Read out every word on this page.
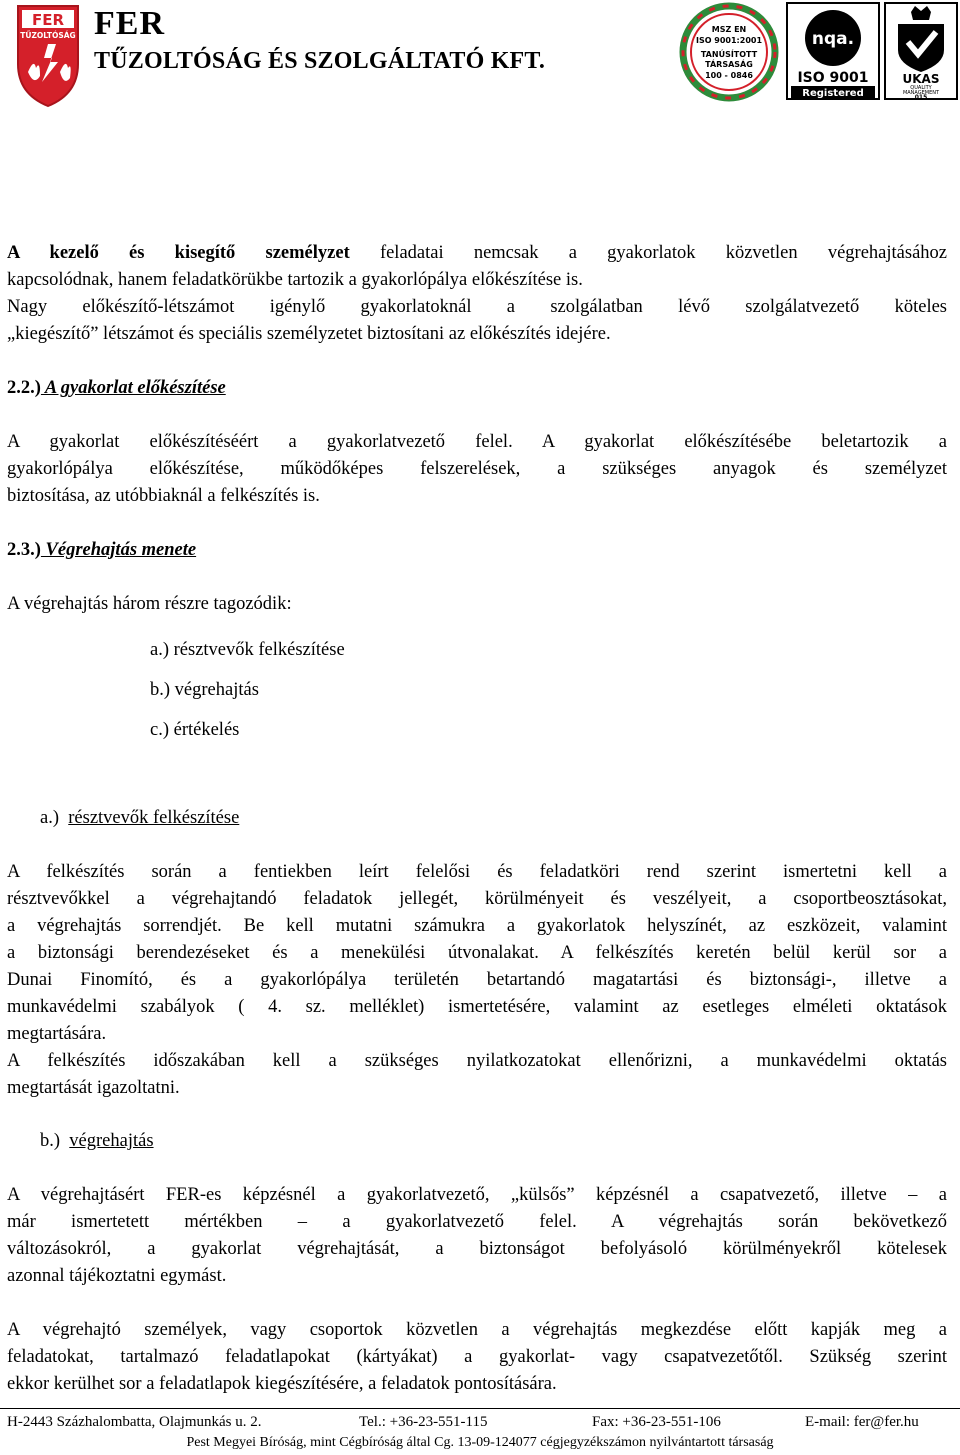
FER
TŰZOLTÓSÁG FER
TŰZOLTÓSÁG ÉS SZOLGÁLTATÓ KFT.
MSZ EN
ISO 9001:2001
TANÚSÍTOTT
TÁRSASÁG
100 - 0846
nqa.
ISO 9001
Registered
UKAS
QUALITY
MANAGEMENT
015
A kezelő és kisegítő személyzet feladatai nemcsak a gyakorlatok közvetlen végrehajtásához
kapcsolódnak, hanem feladatkörükbe tartozik a gyakorlópálya előkészítése is.
Nagy előkészítő-létszámot igénylő gyakorlatoknál a szolgálatban lévő szolgálatvezető köteles
„kiegészítő” létszámot és speciális személyzetet biztosítani az előkészítés idejére.
2.2.) A gyakorlat előkészítése
A gyakorlat előkészítéséért a gyakorlatvezető felel. A gyakorlat előkészítésébe beletartozik a
gyakorlópálya előkészítése, működőképes felszerelések, a szükséges anyagok és személyzet
biztosítása, az utóbbiaknál a felkészítés is.
2.3.) Végrehajtás menete
A végrehajtás három részre tagozódik:
a.) résztvevők felkészítése
b.) végrehajtás
c.) értékelés
a.) résztvevők felkészítése
A felkészítés során a fentiekben leírt felelősi és feladatköri rend szerint ismertetni kell a
résztvevőkkel a végrehajtandó feladatok jellegét, körülményeit és veszélyeit, a csoportbeosztásokat,
a végrehajtás sorrendjét. Be kell mutatni számukra a gyakorlatok helyszínét, az eszközeit, valamint
a biztonsági berendezéseket és a menekülési útvonalakat. A felkészítés keretén belül kerül sor a
Dunai Finomító, és a gyakorlópálya területén betartandó magatartási és biztonsági-, illetve a
munkavédelmi szabályok ( 4. sz. melléklet) ismertetésére, valamint az esetleges elméleti oktatások
megtartására.
A felkészítés időszakában kell a szükséges nyilatkozatokat ellenőrizni, a munkavédelmi oktatás
megtartását igazoltatni.
b.) végrehajtás
A végrehajtásért FER-es képzésnél a gyakorlatvezető, „külsős” képzésnél a csapatvezető, illetve – a
már ismertetett mértékben – a gyakorlatvezető felel. A végrehajtás során bekövetkező
változásokról, a gyakorlat végrehajtását, a biztonságot befolyásoló körülményekről kötelesek
azonnal tájékoztatni egymást.
A végrehajtó személyek, vagy csoportok közvetlen a végrehajtás megkezdése előtt kapják meg a
feladatokat, tartalmazó feladatlapokat (kártyákat) a gyakorlat- vagy csapatvezetőtől. Szükség szerint
ekkor kerülhet sor a feladatlapok kiegészítésére, a feladatok pontosítására.
H-2443 Százhalombatta, Olajmunkás u. 2.	Tel.: +36-23-551-115	Fax: +36-23-551-106	E-mail: fer@fer.hu
Pest Megyei Bíróság, mint Cégbíróság által Cg. 13-09-124077 cégjegyzékszámon nyilvántartott társaság
